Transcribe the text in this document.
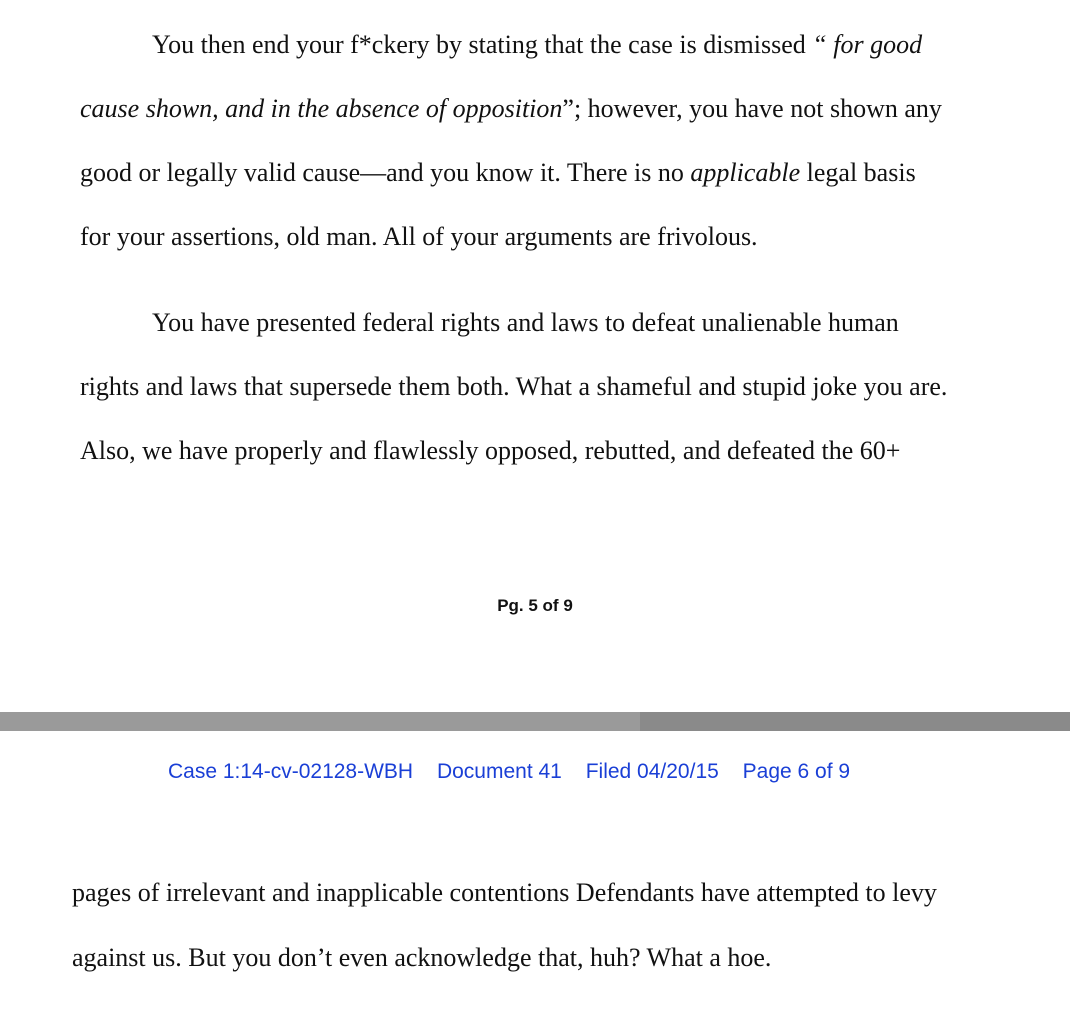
You then end your f*ckery by stating that the case is dismissed “ for good
cause shown, and in the absence of opposition”; however, you have not shown any
good or legally valid cause—and you know it. There is no applicable legal basis
for your assertions, old man. All of your arguments are frivolous.
You have presented federal rights and laws to defeat unalienable human
rights and laws that supersede them both. What a shameful and stupid joke you are.
Also, we have properly and flawlessly opposed, rebutted, and defeated the 60+
Pg. 5 of 9
Case 1:14-cv-02128-WBH Document 41 Filed 04/20/15 Page 6 of 9
pages of irrelevant and inapplicable contentions Defendants have attempted to levy
against us. But you don’t even acknowledge that, huh? What a hoe.
